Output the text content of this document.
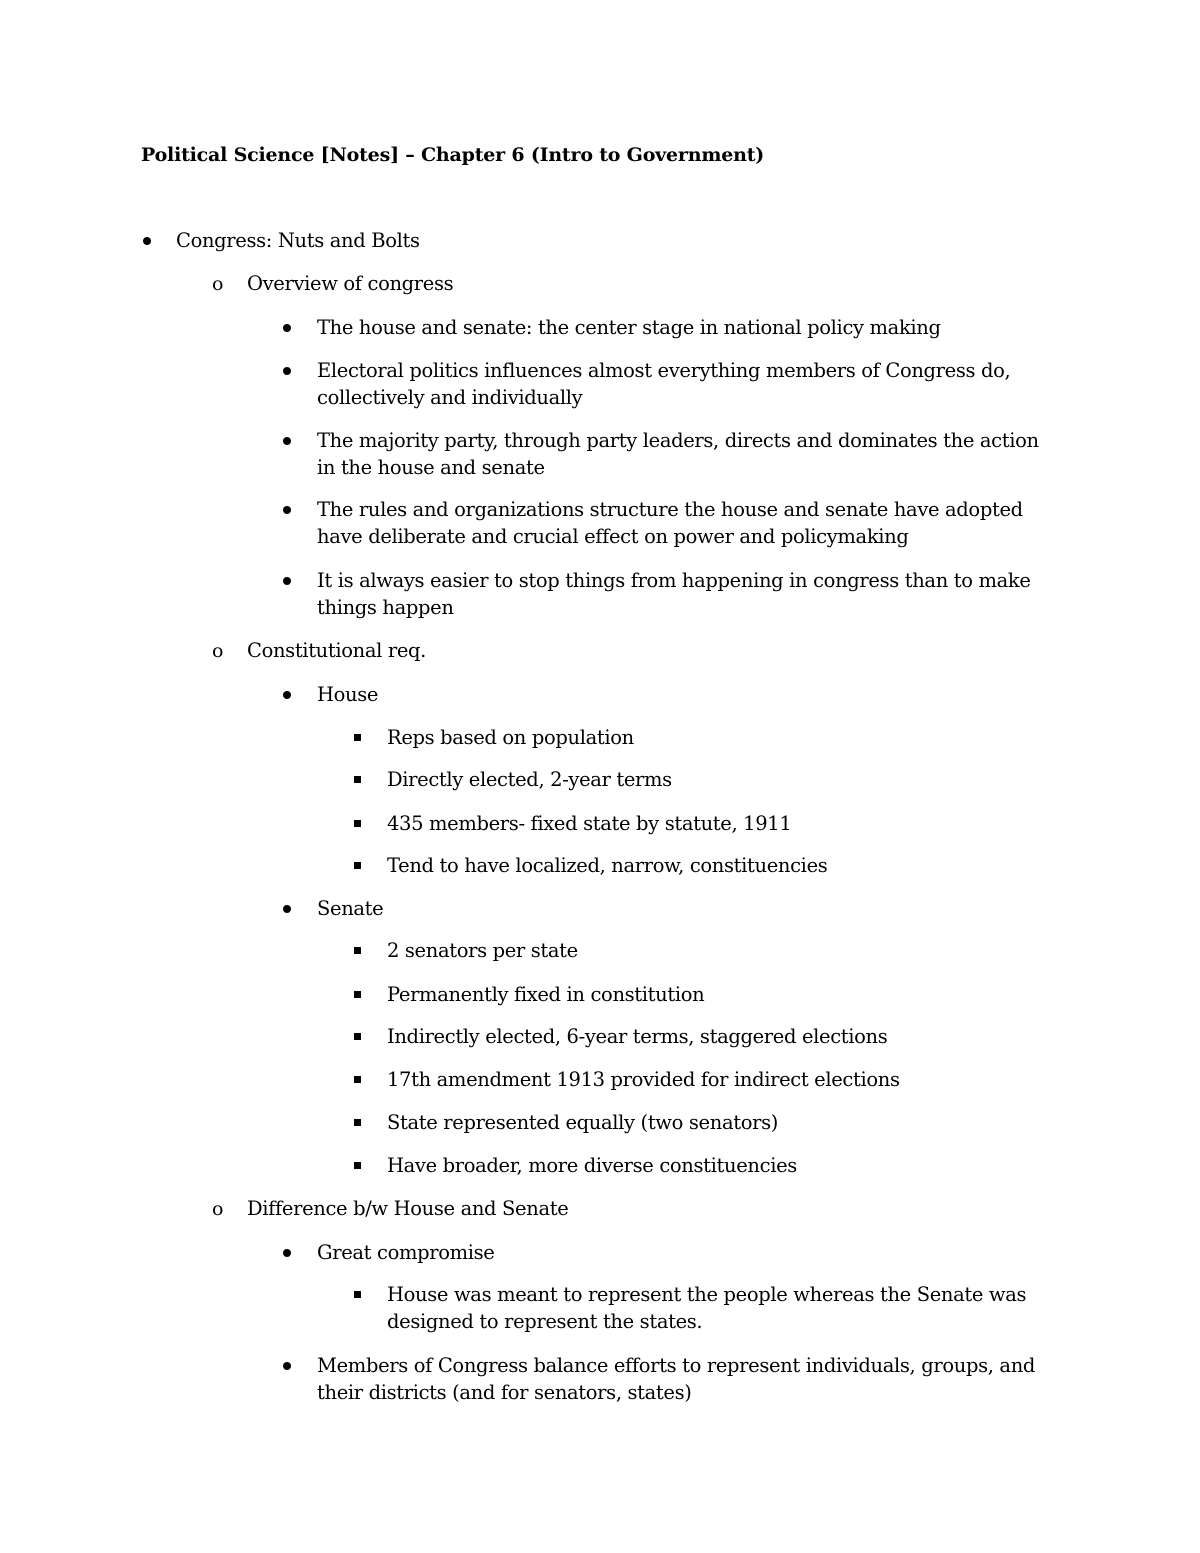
Political Science [Notes] – Chapter 6 (Intro to Government)
Congress: Nuts and Bolts
o Overview of congress
The house and senate: the center stage in national policy making
Electoral politics influences almost everything members of Congress do, collectively and individually
The majority party, through party leaders, directs and dominates the action in the house and senate
The rules and organizations structure the house and senate have adopted have deliberate and crucial effect on power and policymaking
It is always easier to stop things from happening in congress than to make things happen
o Constitutional req.
House
Reps based on population
Directly elected, 2-year terms
435 members- fixed state by statute, 1911
Tend to have localized, narrow, constituencies
Senate
2 senators per state
Permanently fixed in constitution
Indirectly elected, 6-year terms, staggered elections
17th amendment 1913 provided for indirect elections
State represented equally (two senators)
Have broader, more diverse constituencies
o Difference b/w House and Senate
Great compromise
House was meant to represent the people whereas the Senate was designed to represent the states.
Members of Congress balance efforts to represent individuals, groups, and their districts (and for senators, states)
